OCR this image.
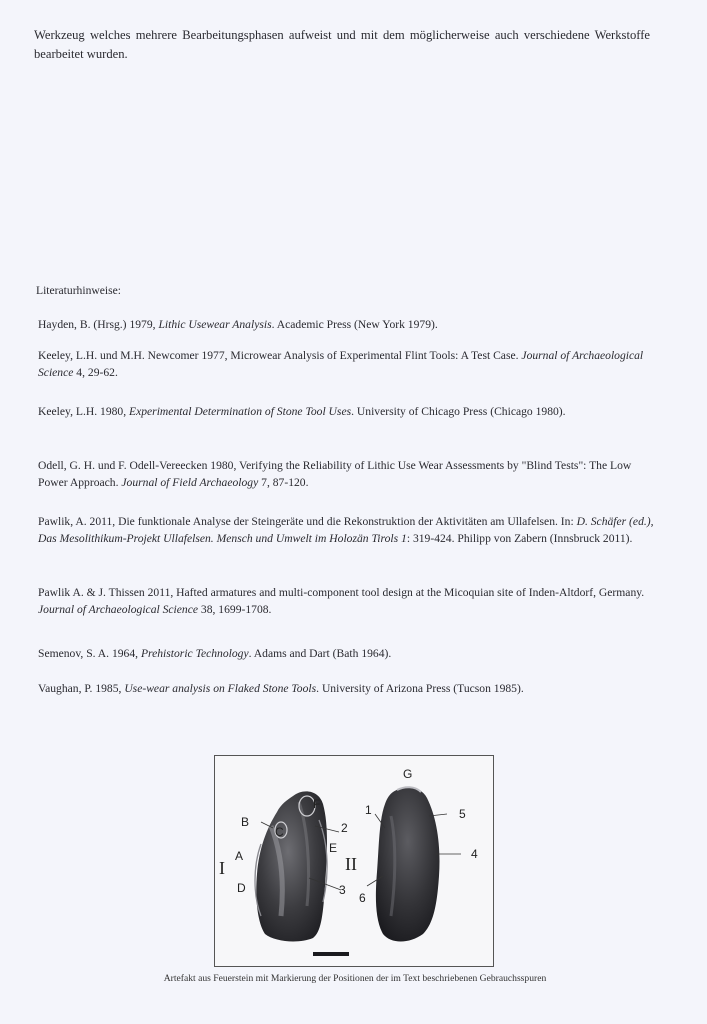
Werkzeug welches mehrere Bearbeitungsphasen aufweist und mit dem möglicherweise auch verschiedene Werkstoffe bearbeitet wurden.

Literaturhinweise:
Hayden, B. (Hrsg.) 1979, Lithic Usewear Analysis. Academic Press (New York 1979).
Keeley, L.H. und M.H. Newcomer 1977, Microwear Analysis of Experimental Flint Tools: A Test Case. Journal of Archaeological Science 4, 29-62.
Keeley, L.H. 1980, Experimental Determination of Stone Tool Uses. University of Chicago Press (Chicago 1980).
Odell, G. H. und F. Odell-Vereecken 1980, Verifying the Reliability of Lithic Use Wear Assessments by "Blind Tests": The Low Power Approach. Journal of Field Archaeology 7, 87-120.
Pawlik, A. 2011, Die funktionale Analyse der Steingeräte und die Rekonstruktion der Aktivitäten am Ullafelsen. In: D. Schäfer (ed.), Das Mesolithikum-Projekt Ullafelsen. Mensch und Umwelt im Holozän Tirols 1: 319-424. Philipp von Zabern (Innsbruck 2011).
Pawlik A. & J. Thissen 2011, Hafted armatures and multi-component tool design at the Micoquian site of Inden-Altdorf, Germany. Journal of Archaeological Science 38, 1699-1708.
Semenov, S. A. 1964, Prehistoric Technology. Adams and Dart (Bath 1964).
Vaughan, P. 1985, Use-wear analysis on Flaked Stone Tools. University of Arizona Press (Tucson 1985).
I	II
A
B
C
D
E
F
G
1
2
3
4
5
6
Artefakt aus Feuerstein mit Markierung der Positionen der im Text beschriebenen Gebrauchsspuren
